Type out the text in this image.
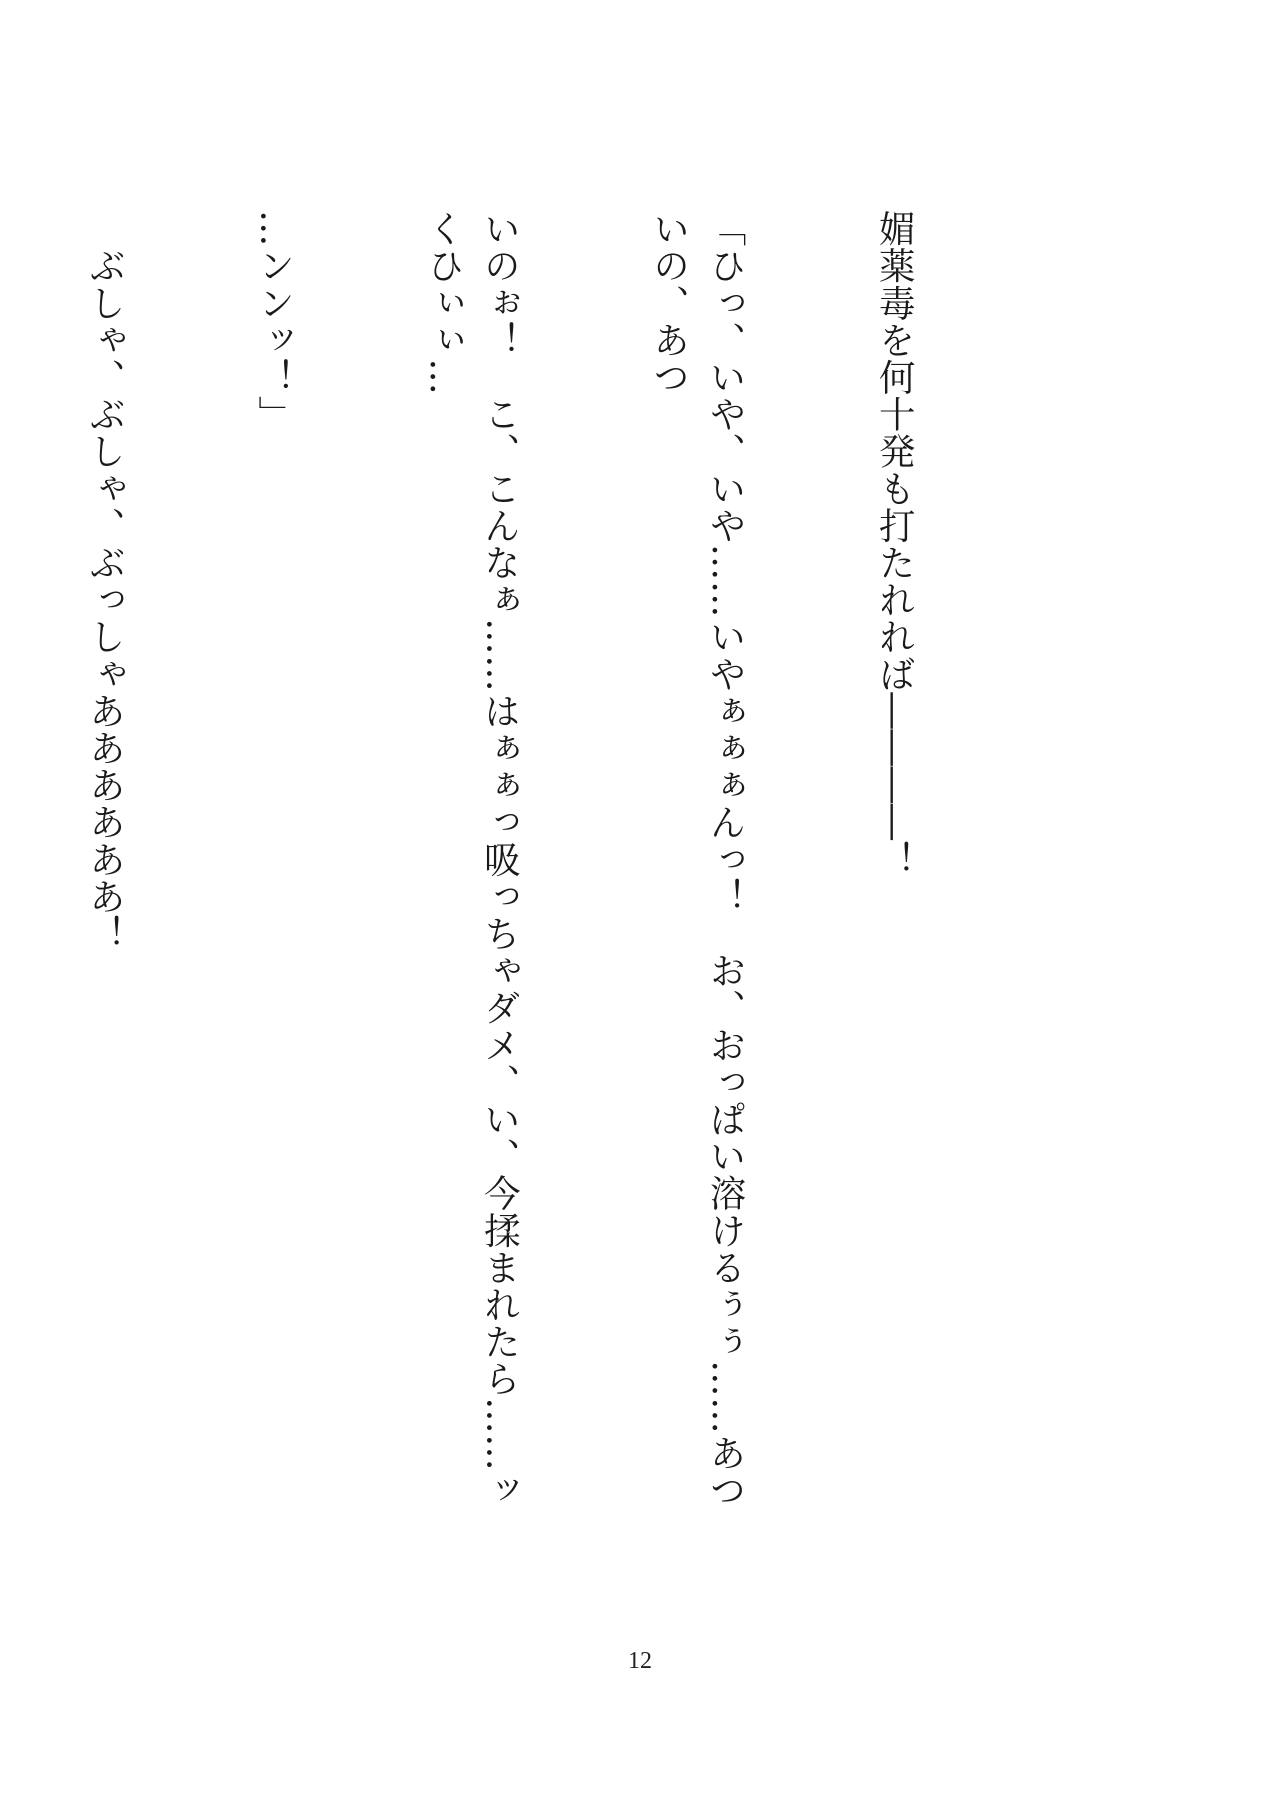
媚薬毒を何十発も打たれれば――――！

「ひっ、いや、いや……いやぁぁぁんっ！　お、おっぱい溶けるぅぅ……あついの、あつ

いのぉ！　こ、こんなぁ……はぁぁっ吸っちゃダメ、い、今揉まれたら……ッくひぃぃ…

…ンンッ！」

　ぶしゃ、ぶしゃ、ぶっしゃああああああ！

12
